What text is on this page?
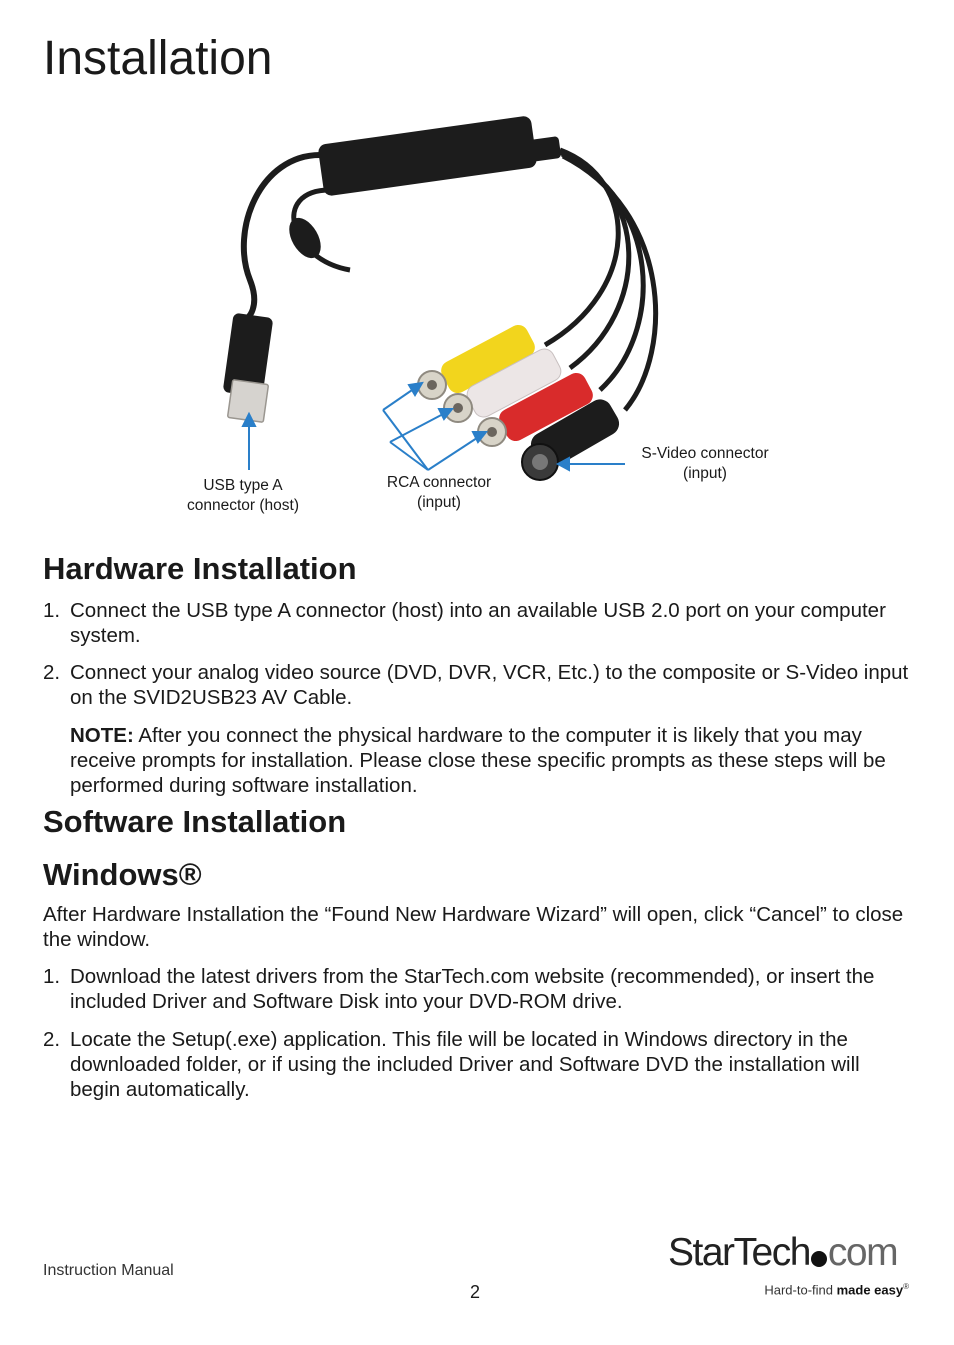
Installation
USB type A
connector (host)
RCA connector
(input)
S-Video connector
(input)
Hardware Installation
1. Connect the USB type A connector (host) into an available USB 2.0 port on your computer system.
2. Connect your analog video source (DVD, DVR, VCR, Etc.) to the composite or S-Video input on the SVID2USB23 AV Cable.
NOTE: After you connect the physical hardware to the computer it is likely that you may receive prompts for installation. Please close these specific prompts as these steps will be performed during software installation.
Software Installation
Windows®

After Hardware Installation the “Found New Hardware Wizard” will open, click “Cancel” to close the window.

1. Download the latest drivers from the StarTech.com website (recommended), or insert the included Driver and Software Disk into your DVD-ROM drive.
2. Locate the Setup(.exe) application. This file will be located in Windows directory in the downloaded folder, or if using the included Driver and Software DVD the installation will begin automatically.
Instruction Manual
2
StarTech com
Hard-to-find made easy®
